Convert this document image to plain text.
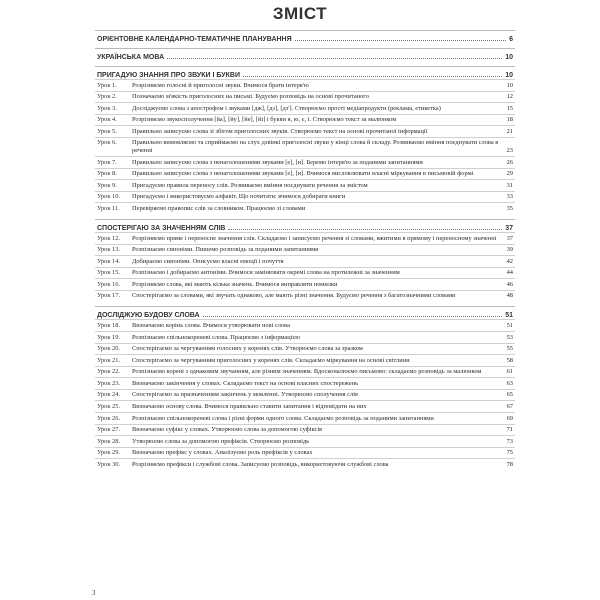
ЗМІСТ
ОРІЄНТОВНЕ КАЛЕНДАРНО-ТЕМАТИЧНЕ ПЛАНУВАННЯ	6
УКРАЇНСЬКА МОВА	10
ПРИГАДУЮ ЗНАННЯ ПРО ЗВУКИ І БУКВИ	10
Урок 1.	Розрізняємо голосні й приголосні звуки. Вчимося брати інтерв'ю	10
Урок 2.	Позначаємо м'якість приголосних на письмі. Будуємо розповідь на основі прочитаного	12
Урок 3.	Досліджуємо слова з апострофом і звуками [дж], [дз], [дз']. Створюємо прості медіапродукти (реклама, етикетка)	15
Урок 4.	Розрізняємо звукосполучення [йа], [йу], [йе], [йі] і букви я, ю, є, ї. Створюємо текст за малюнком	18
Урок 5.	Правильно записуємо слова зі збігом приголосних звуків. Створюємо текст на основі прочитаної інформації	21
Урок 6.	Правильно вимовляємо та сприймаємо на слух дзвінкі приголосні звуки у кінці слова й складу. Розвиваємо вміння поєднувати слова в реченні	23
Урок 7.	Правильно записуємо слова з ненаголошеними звуками [е], [и]. Беремо інтерв'ю за поданими запитаннями	26
Урок 8.	Правильно записуємо слова з ненаголошеними звуками [е], [и]. Вчимося висловлювати власні міркування в письмовій формі	29
Урок 9.	Пригадуємо правила переносу слів. Розвиваємо вміння поєднувати речення за змістом	31
Урок 10.	Пригадуємо і використовуємо алфавіт. Що почитати: вчимося добирати книги	33
Урок 11.	Перевіряємо правопис слів за словником. Працюємо зі словами	35
СПОСТЕРІГАЮ ЗА ЗНАЧЕННЯМ СЛІВ	37
Урок 12.	Розрізняємо пряме і переносне значення слів. Складаємо і записуємо речення зі словами, вжитими в прямому і переносному значенні	37
Урок 13.	Розпізнаємо синоніми. Пишемо розповідь за поданими запитаннями	39
Урок 14.	Добираємо синоніми. Описуємо власні емоції і почуття	42
Урок 15.	Розпізнаємо і добираємо антоніми. Вчимося замінювати окремі слова на протилежні за значенням	44
Урок 16.	Розрізняємо слова, які мають кілька значень. Вчимося виправляти помилки	46
Урок 17.	Спостерігаємо за словами, які звучать однаково, але мають різні значення. Будуємо речення з багатозначними словами	48
ДОСЛІДЖУЮ БУДОВУ СЛОВА	51
Урок 18.	Визначаємо корінь слова. Вчимося утворювати нові слова	51
Урок 19.	Розпізнаємо спільнокореневі слова. Працюємо з інформацією	53
Урок 20.	Спостерігаємо за чергуванням голосних у коренях слів. Утворюємо слова за зразком	55
Урок 21.	Спостерігаємо за чергуванням приголосних у коренях слів. Складаємо міркування на основі світлини	58
Урок 22.	Розпізнаємо корені з однаковим звучанням, але різним значенням. Вдосконалюємо письмово: складаємо розповідь за малюнком	61
Урок 23.	Визначаємо закінчення у словах. Складаємо текст на основі власних спостережень	63
Урок 24.	Спостерігаємо за призначенням закінчень у мовленні. Утворюємо сполучення слів	65
Урок 25.	Визначаємо основу слова. Вчимося правильно ставити запитання і відповідати на них	67
Урок 26.	Розпізнаємо спільнокореневі слова і різні форми одного слова. Складаємо розповідь за поданими запитаннями	69
Урок 27.	Визначаємо суфікс у словах. Утворюємо слова за допомогою суфіксів	71
Урок 28.	Утворюємо слова за допомогою префіксів. Створюємо розповідь	73
Урок 29.	Визначаємо префікс у словах. Аналізуємо роль префіксів у словах	75
Урок 30.	Розрізняємо префікси і службові слова. Записуємо розповідь, використовуючи службові слова	78
3
